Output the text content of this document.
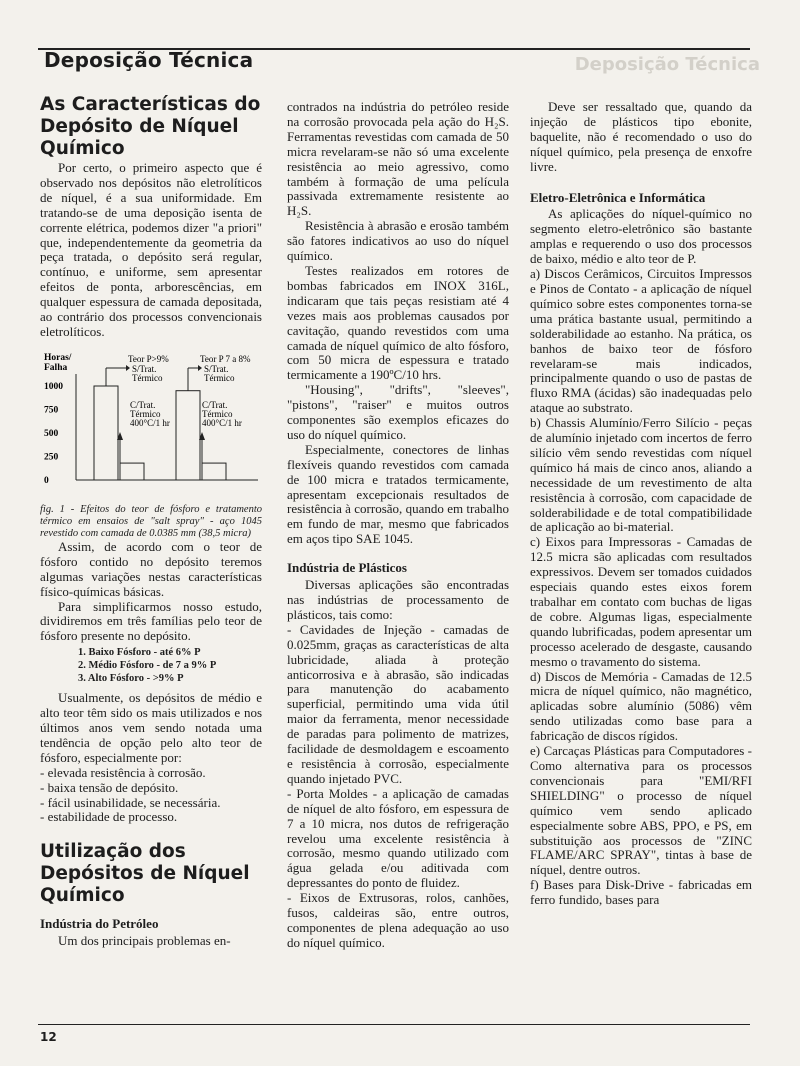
Deposição Técnica	Deposição Técnica
As Características do Depósito de Níquel Químico

Por certo, o primeiro aspecto que é observado nos depósitos não eletrolíticos de níquel, é a sua uniformidade. Em tratando-se de uma deposição isenta de corrente elétrica, podemos dizer "a priori" que, independentemente da geometria da peça tratada, o depósito será regular, contínuo, e uniforme, sem apresentar efeitos de ponta, arborescências, em qualquer espessura de camada depositada, ao contrário dos processos convencionais eletrolíticos.

Horas/
Falha
1000
750
500
250
0
Teor P>9%
S/Trat.
Térmico
C/Trat.
Térmico
400°C/1 hr
Teor P 7 a 8%
S/Trat.
Térmico
C/Trat.
Térmico
400°C/1 hr

fig. 1 - Efeitos do teor de fósforo e tratamento térmico em ensaios de "salt spray" - aço 1045 revestido com camada de 0.0385 mm (38,5 micra)

Assim, de acordo com o teor de fósforo contido no depósito teremos algumas variações nestas características físico-químicas básicas.

Para simplificarmos nosso estudo, dividiremos em três famílias pelo teor de fósforo presente no depósito.

1. Baixo Fósforo - até 6% P
2. Médio Fósforo - de 7 a 9% P
3. Alto Fósforo - >9% P

Usualmente, os depósitos de médio e alto teor têm sido os mais utilizados e nos últimos anos vem sendo notada uma tendência de opção pelo alto teor de fósforo, especialmente por:

- elevada resistência à corrosão.
- baixa tensão de depósito.
- fácil usinabilidade, se necessária.
- estabilidade de processo.
Utilização dos Depósitos de Níquel Químico
Indústria do Petróleo

Um dos principais problemas en-

contrados na indústria do petróleo reside na corrosão provocada pela ação do H₂S. Ferramentas revestidas com camada de 50 micra revelaram-se não só uma excelente resistência ao meio agressivo, como também à formação de uma película passivada extremamente resistente ao H₂S.

Resistência à abrasão e erosão também são fatores indicativos ao uso do níquel químico.

Testes realizados em rotores de bombas fabricados em INOX 316L, indicaram que tais peças resistiam até 4 vezes mais aos problemas causados por cavitação, quando revestidos com uma camada de níquel químico de alto fósforo, com 50 micra de espessura e tratado termicamente a 190ºC/10 hrs.

"Housing", "drifts", "sleeves", "pistons", "raiser" e muitos outros componentes são exemplos eficazes do uso do níquel químico.

Especialmente, conectores de linhas flexíveis quando revestidos com camada de 100 micra e tratados termicamente, apresentam excepcionais resultados de resistência à corrosão, quando em trabalho em fundo de mar, mesmo que fabricados em aços tipo SAE 1045.

Indústria de Plásticos

Diversas aplicações são encontradas nas indústrias de processamento de plásticos, tais como:

- Cavidades de Injeção - camadas de 0.025mm, graças as características de alta lubricidade, aliada à proteção anticorrosiva e à abrasão, são indicadas para manutenção do acabamento superficial, permitindo uma vida útil maior da ferramenta, menor necessidade de paradas para polimento de matrizes, facilidade de desmoldagem e escoamento e resistência à corrosão, especialmente quando injetado PVC.

- Porta Moldes - a aplicação de camadas de níquel de alto fósforo, em espessura de 7 a 10 micra, nos dutos de refrigeração revelou uma excelente resistência à corrosão, mesmo quando utilizado com água gelada e/ou aditivada com depressantes do ponto de fluidez.

- Eixos de Extrusoras, rolos, canhões, fusos, caldeiras são, entre outros, componentes de plena adequação ao uso do níquel químico.

Deve ser ressaltado que, quando da injeção de plásticos tipo ebonite, baquelite, não é recomendado o uso do níquel químico, pela presença de enxofre livre.

Eletro-Eletrônica e Informática

As aplicações do níquel-químico no segmento eletro-eletrônico são bastante amplas e requerendo o uso dos processos de baixo, médio e alto teor de P.

a) Discos Cerâmicos, Circuitos Impressos e Pinos de Contato - a aplicação de níquel químico sobre estes componentes torna-se uma prática bastante usual, permitindo a solderabilidade ao estanho. Na prática, os banhos de baixo teor de fósforo revelaram-se mais indicados, principalmente quando o uso de pastas de fluxo RMA (ácidas) são inadequadas pelo ataque ao substrato.

b) Chassis Alumínio/Ferro Silício - peças de alumínio injetado com incertos de ferro silício vêm sendo revestidas com níquel químico há mais de cinco anos, aliando a necessidade de um revestimento de alta resistência à corrosão, com capacidade de solderabilidade e de total compatibilidade de aplicação ao bi-material.

c) Eixos para Impressoras - Camadas de 12.5 micra são aplicadas com resultados expressivos. Devem ser tomados cuidados especiais quando estes eixos forem trabalhar em contato com buchas de ligas de cobre. Algumas ligas, especialmente quando lubrificadas, podem apresentar um processo acelerado de desgaste, causando mesmo o travamento do sistema.

d) Discos de Memória - Camadas de 12.5 micra de níquel químico, não magnético, aplicadas sobre alumínio (5086) vêm sendo utilizadas como base para a fabricação de discos rígidos.

e) Carcaças Plásticas para Computadores - Como alternativa para os processos convencionais para "EMI/RFI SHIELDING" o processo de níquel químico vem sendo aplicado especialmente sobre ABS, PPO, e PS, em substituição aos processos de "ZINC FLAME/ARC SPRAY", tintas à base de níquel, dentre outros.

f) Bases para Disk-Drive - fabricadas em ferro fundido, bases para

12
